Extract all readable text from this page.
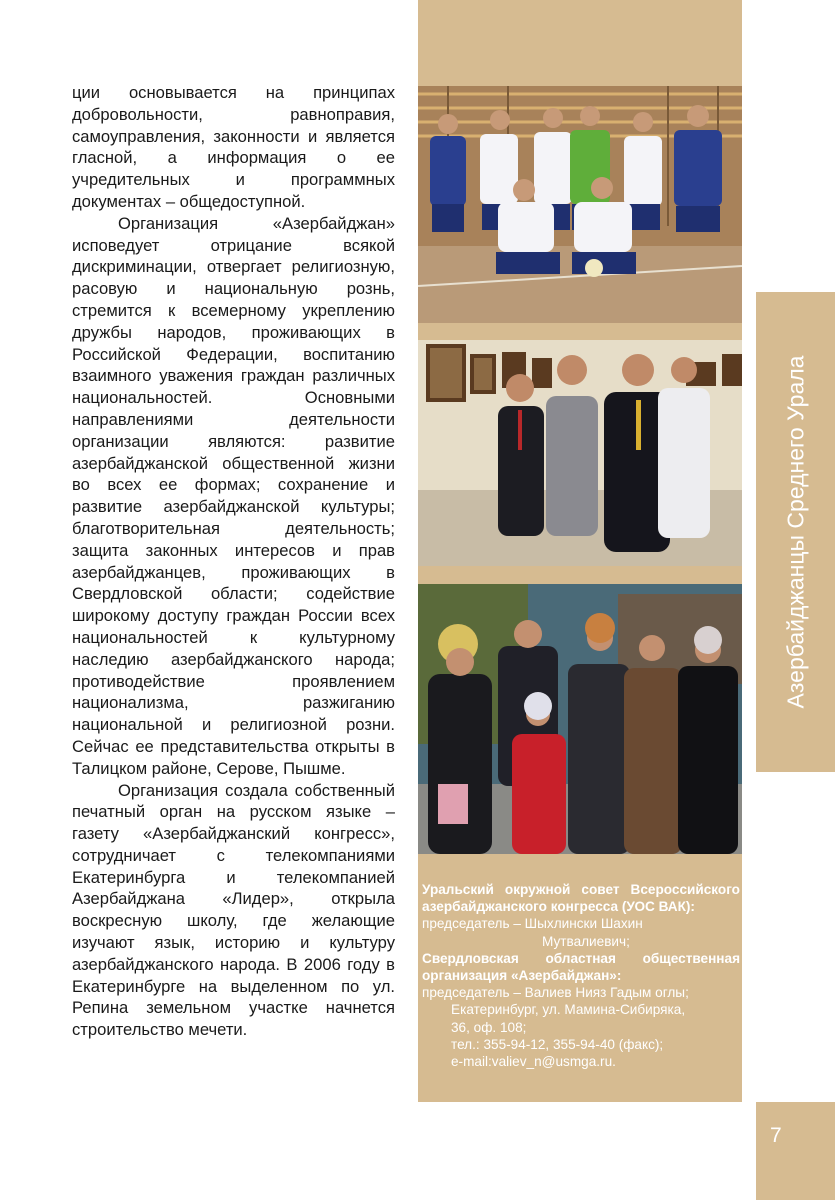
ции основывается на принципах добровольности, равноправия, самоуправления, законности и является гласной, а информация о ее учредительных и программных документах – общедоступной.

Организация «Азербайджан» исповедует отрицание всякой дискриминации, отвергает религиозную, расовую и национальную рознь, стремится к всемерному укреплению дружбы народов, проживающих в Российской Федерации, воспитанию взаимного уважения граждан различных национальностей. Основными направлениями деятельности организации являются: развитие азербайджанской общественной жизни во всех ее формах; сохранение и развитие азербайджанской культуры; благотворительная деятельность; защита законных интересов и прав азербайджанцев, проживающих в Свердловской области; содействие широкому доступу граждан России всех национальностей к культурному наследию азербайджанского народа; противодействие проявлением национализма, разжиганию национальной и религиозной розни. Сейчас ее представительства открыты в Талицком районе, Серове, Пышме.

Организация создала собственный печатный орган на русском языке – газету «Азербайджанский конгресс», сотрудничает с телекомпаниями Екатеринбурга и телекомпанией Азербайджана «Лидер», открыла воскресную школу, где желающие изучают язык, историю и культуру азербайджанского народа. В 2006 году в Екатеринбурге на выделенном по ул. Репина земельном участке начнется строительство мечети.

Уральский окружной совет Всероссийского
азербайджанского конгресса (УОС ВАК):
председатель – Шыхлински Шахин
Мутвалиевич;
Свердловская областная общественная
организация «Азербайджан»:
председатель – Валиев Нияз Гадым оглы;
Екатеринбург, ул. Мамина-Сибиряка,
36, оф. 108;
тел.: 355-94-12, 355-94-40 (факс);
e-mail:valiev_n@usmga.ru.
Азербайджанцы Среднего Урала
7
